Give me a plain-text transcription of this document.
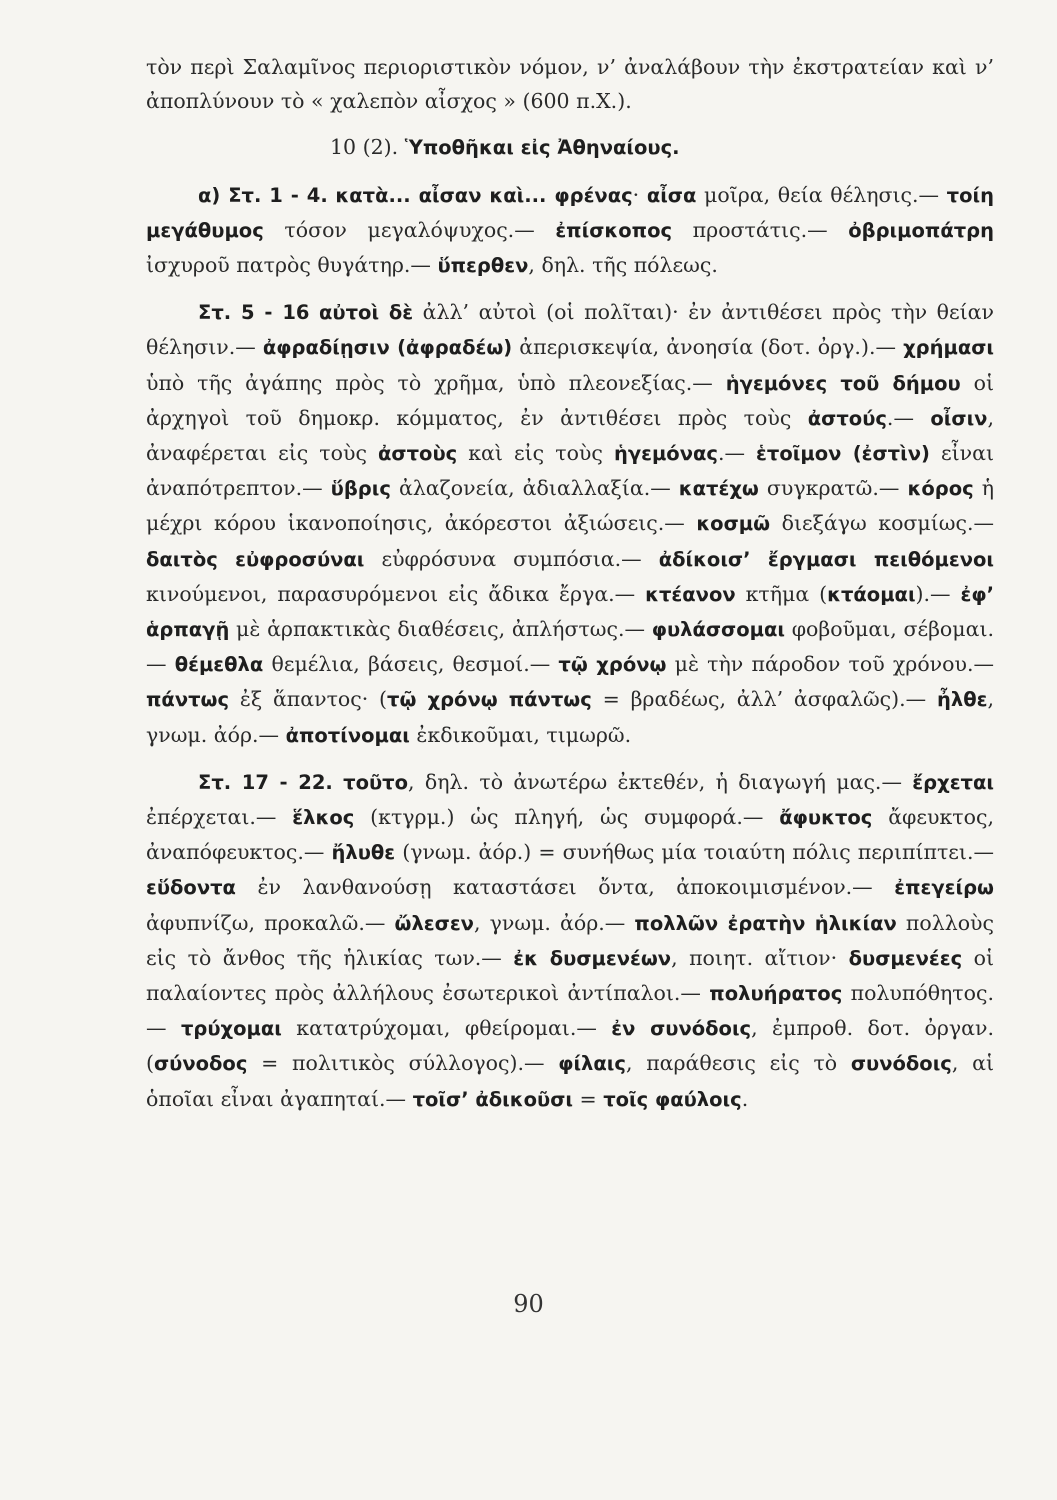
τὸν περὶ Σαλαμῖνος περιοριστικὸν νόμον, ν’ ἀναλάβουν τὴν ἐκστρατείαν καὶ ν’ ἀποπλύνουν τὸ « χαλεπὸν αἶσχος » (600 π.Χ.).

10 (2). Ὑποθῆκαι εἰς Ἀθηναίους.

α) Στ. 1 - 4. κατὰ... αἶσαν καὶ... φρένας· αἶσα μοῖρα, θεία θέλησις.— τοίη μεγάθυμος τόσον μεγαλόψυχος.— ἐπίσκοπος προστάτις.— ὀβριμοπάτρη ἰσχυροῦ πατρὸς θυγάτηρ.— ὕπερθεν, δηλ. τῆς πόλεως.

Στ. 5 - 16 αὐτοὶ δὲ ἀλλ’ αὐτοὶ (οἱ πολῖται)· ἐν ἀντιθέσει πρὸς τὴν θείαν θέλησιν.— ἀφραδίῃσιν (ἀφραδέω) ἀπερισκεψία, ἀνοησία (δοτ. ὀργ.).— χρήμασι ὑπὸ τῆς ἀγάπης πρὸς τὸ χρῆμα, ὑπὸ πλεονεξίας.— ἡγεμόνες τοῦ δήμου οἱ ἀρχηγοὶ τοῦ δημοκρ. κόμματος, ἐν ἀντιθέσει πρὸς τοὺς ἀστούς.— οἶσιν, ἀναφέρεται εἰς τοὺς ἀστοὺς καὶ εἰς τοὺς ἡγεμόνας.— ἑτοῖμον (ἐστὶν) εἶναι ἀναπότρεπτον.— ὕβρις ἀλαζονεία, ἀδιαλλαξία.— κατέχω συγκρατῶ.— κόρος ἡ μέχρι κόρου ἱκανοποίησις, ἀκόρεστοι ἀξιώσεις.— κοσμῶ διεξάγω κοσμίως.— δαιτὸς εὐφροσύναι εὐφρόσυνα συμπόσια.— ἀδίκοισ’ ἔργμασι πειθόμενοι κινούμενοι, παρασυρόμενοι εἰς ἄδικα ἔργα.— κτέανον κτῆμα (κτάομαι).— ἐφ’ ἁρπαγῇ μὲ ἁρπακτικὰς διαθέσεις, ἀπλήστως.— φυλάσσομαι φοβοῦμαι, σέβομαι.— θέμεθλα θεμέλια, βάσεις, θεσμοί.— τῷ χρόνῳ μὲ τὴν πάροδον τοῦ χρόνου.— πάντως ἐξ ἅπαντος· (τῷ χρόνῳ πάντως = βραδέως, ἀλλ’ ἀσφαλῶς).— ἦλθε, γνωμ. ἀόρ.— ἀποτίνομαι ἐκδικοῦμαι, τιμωρῶ.

Στ. 17 - 22. τοῦτο, δηλ. τὸ ἀνωτέρω ἐκτεθέν, ἡ διαγωγή μας.— ἔρχεται ἐπέρχεται.— ἕλκος (κτγρμ.) ὡς πληγή, ὡς συμφορά.— ἄφυκτος ἄφευκτος, ἀναπόφευκτος.— ἤλυθε (γνωμ. ἀόρ.) = συνήθως μία τοιαύτη πόλις περιπίπτει.— εὕδοντα ἐν λανθανούσῃ καταστάσει ὄντα, ἀποκοιμισμένον.— ἐπεγείρω ἀφυπνίζω, προκαλῶ.— ὤλεσεν, γνωμ. ἀόρ.— πολλῶν ἐρατὴν ἡλικίαν πολλοὺς εἰς τὸ ἄνθος τῆς ἡλικίας των.— ἐκ δυσμενέων, ποιητ. αἴτιον· δυσμενέες οἱ παλαίοντες πρὸς ἀλλήλους ἐσωτερικοὶ ἀντίπαλοι.— πολυήρατος πολυπόθητος.— τρύχομαι κατατρύχομαι, φθείρομαι.— ἐν συνόδοις, ἐμπροθ. δοτ. ὀργαν. (σύνοδος = πολιτικὸς σύλλογος).— φίλαις, παράθεσις εἰς τὸ συνόδοις, αἱ ὁποῖαι εἶναι ἀγαπηταί.— τοῖσ’ ἀδικοῦσι = τοῖς φαύλοις.

90
